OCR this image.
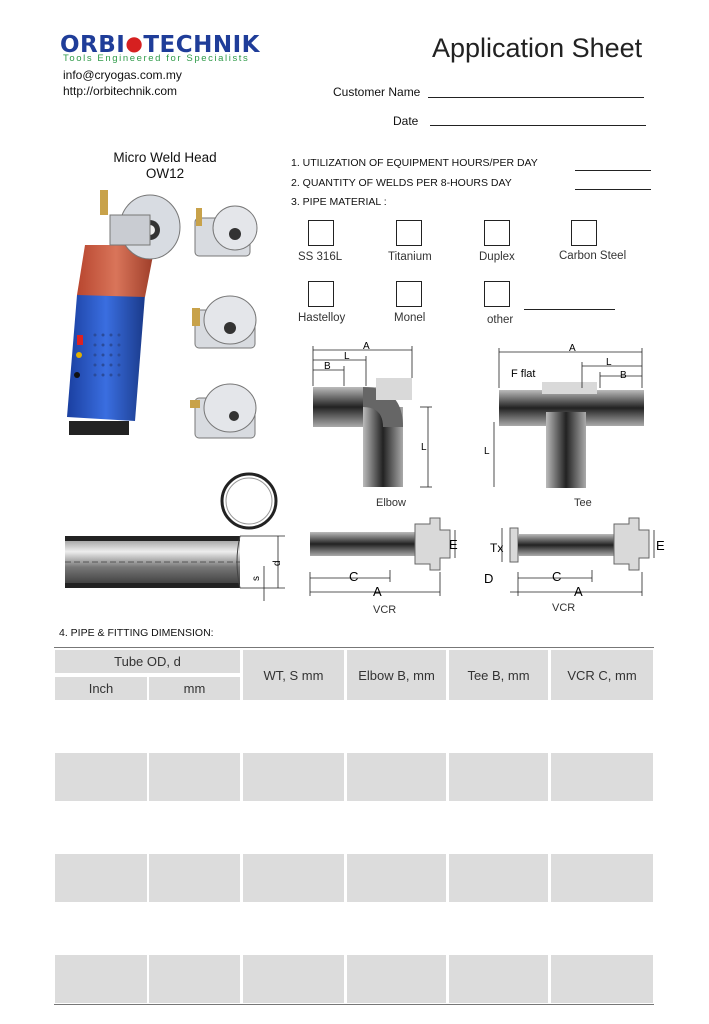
ORBI●TECHNIK
Tools Engineered for Specialists
info@cryogas.com.my
http://orbitechnik.com
Application Sheet
Customer Name
Date
Micro Weld Head
OW12
1. UTILIZATION OF EQUIPMENT HOURS/PER DAY
2. QUANTITY OF WELDS PER 8-HOURS DAY
3. PIPE MATERIAL :
SS 316L	Titanium	Duplex	Carbon Steel
Hastelloy	Monel	other
A
L
B
L
Elbow
A
L
B
F flat
L
Tee
d
s	C
A
E
VCR
C
A
E
Tx
D
VCR
4. PIPE & FITTING DIMENSION:
Tube OD, d
Inch	mm
WT, S mm	Elbow B, mm	Tee B, mm	VCR C, mm
